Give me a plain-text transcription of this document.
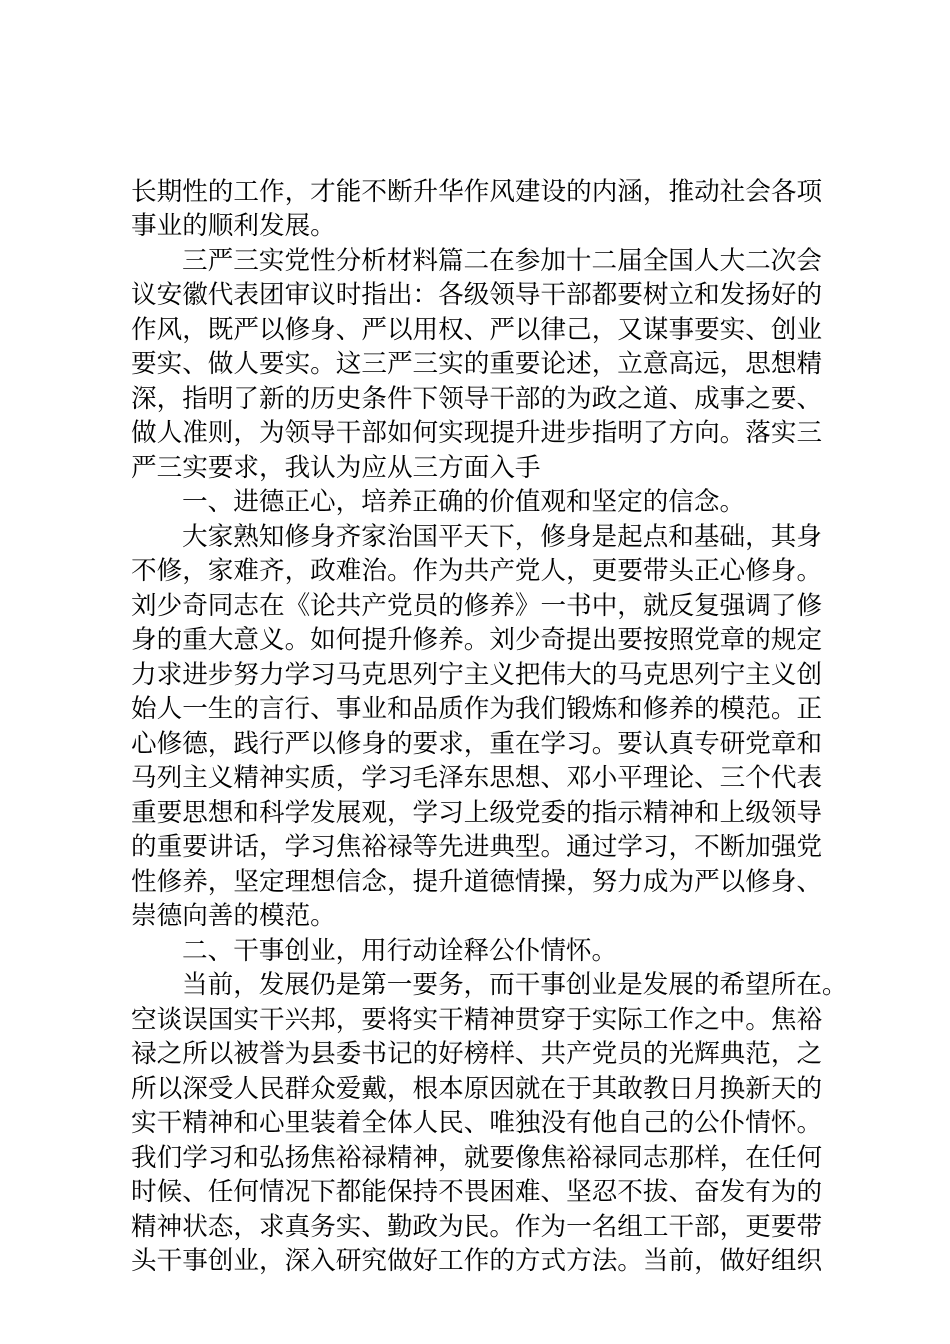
长期性的工作，才能不断升华作风建设的内涵，推动社会各项
事业的顺利发展。
三严三实党性分析材料篇二在参加十二届全国人大二次会
议安徽代表团审议时指出：各级领导干部都要树立和发扬好的
作风，既严以修身、严以用权、严以律己，又谋事要实、创业
要实、做人要实。这三严三实的重要论述，立意高远，思想精
深，指明了新的历史条件下领导干部的为政之道、成事之要、
做人准则，为领导干部如何实现提升进步指明了方向。落实三
严三实要求，我认为应从三方面入手
一、进德正心，培养正确的价值观和坚定的信念。
大家熟知修身齐家治国平天下，修身是起点和基础，其身
不修，家难齐，政难治。作为共产党人，更要带头正心修身。
刘少奇同志在《论共产党员的修养》一书中，就反复强调了修
身的重大意义。如何提升修养。刘少奇提出要按照党章的规定
力求进步努力学习马克思列宁主义把伟大的马克思列宁主义创
始人一生的言行、事业和品质作为我们锻炼和修养的模范。正
心修德，践行严以修身的要求，重在学习。要认真专研党章和
马列主义精神实质，学习毛泽东思想、邓小平理论、三个代表
重要思想和科学发展观，学习上级党委的指示精神和上级领导
的重要讲话，学习焦裕禄等先进典型。通过学习，不断加强党
性修养，坚定理想信念，提升道德情操，努力成为严以修身、
崇德向善的模范。
二、干事创业，用行动诠释公仆情怀。
当前，发展仍是第一要务，而干事创业是发展的希望所在。
空谈误国实干兴邦，要将实干精神贯穿于实际工作之中。焦裕
禄之所以被誉为县委书记的好榜样、共产党员的光辉典范，之
所以深受人民群众爱戴，根本原因就在于其敢教日月换新天的
实干精神和心里装着全体人民、唯独没有他自己的公仆情怀。
我们学习和弘扬焦裕禄精神，就要像焦裕禄同志那样，在任何
时候、任何情况下都能保持不畏困难、坚忍不拔、奋发有为的
精神状态，求真务实、勤政为民。作为一名组工干部，更要带
头干事创业，深入研究做好工作的方式方法。当前，做好组织
